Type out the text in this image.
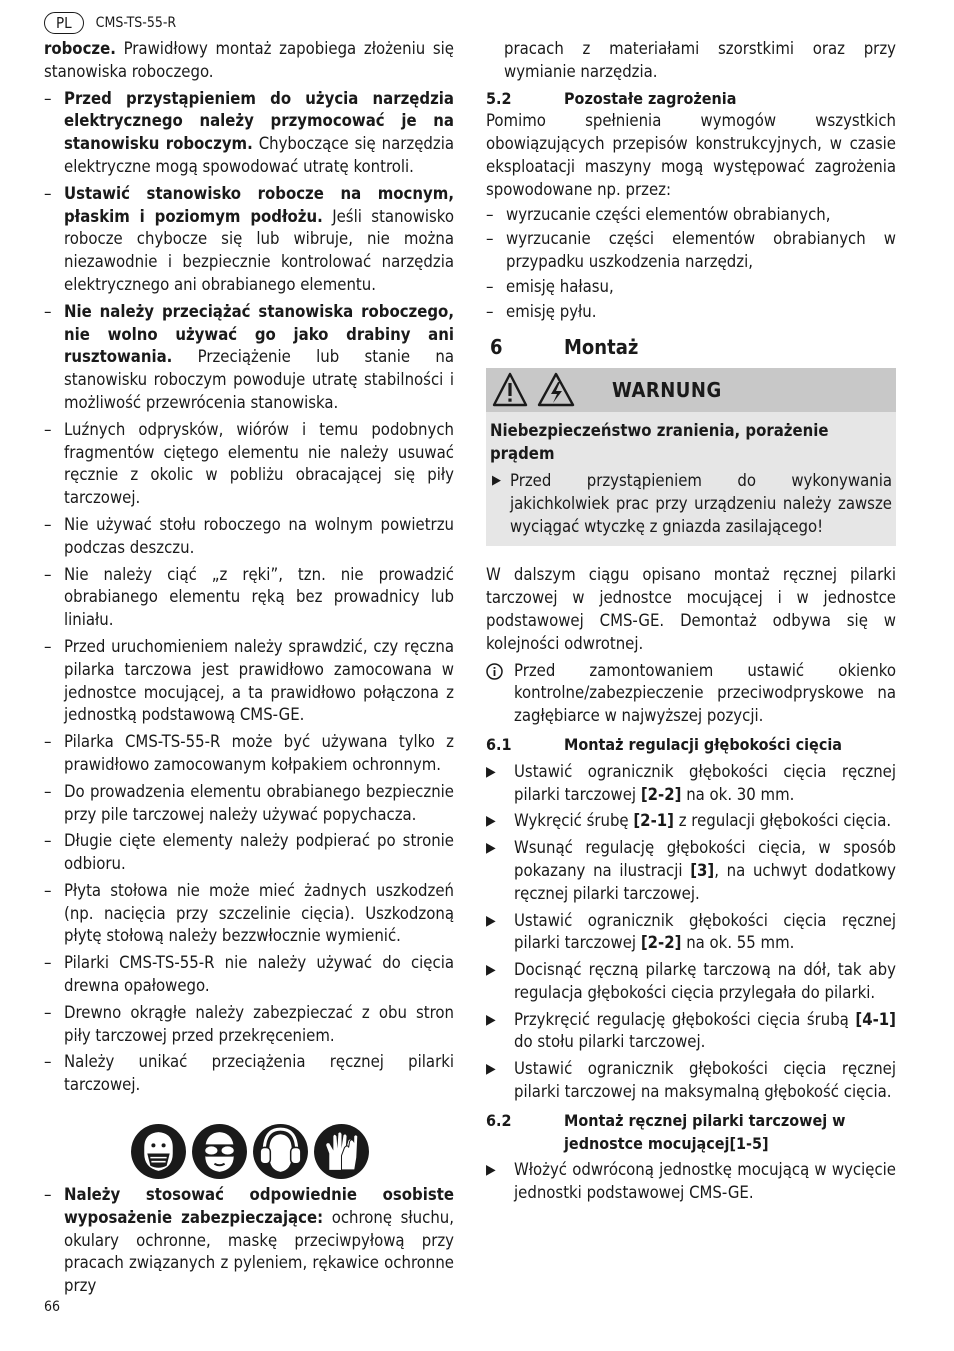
PL	CMS-TS-55-R

robocze. Prawidłowy montaż zapobiega złożeniu się stanowiska roboczego.

– Przed przystąpieniem do użycia narzędzia elektrycznego należy przymocować je na stanowisku roboczym. Chyboczące się narzędzia elektryczne mogą spowodować utratę kontroli.
– Ustawić stanowisko robocze na mocnym, płaskim i poziomym podłożu. Jeśli stanowisko robocze chybocze się lub wibruje, nie można niezawodnie i bezpiecznie kontrolować narzędzia elektrycznego ani obrabianego elementu.
– Nie należy przeciążać stanowiska roboczego, nie wolno używać go jako drabiny ani rusztowania. Przeciążenie lub stanie na stanowisku roboczym powoduje utratę stabilności i możliwość przewrócenia stanowiska.
– Luźnych odprysków, wiórów i temu podobnych fragmentów ciętego elementu nie należy usuwać ręcznie z okolic w pobliżu obracającej się piły tarczowej.
– Nie używać stołu roboczego na wolnym powietrzu podczas deszczu.
– Nie należy ciąć „z ręki”, tzn. nie prowadzić obrabianego elementu ręką bez prowadnicy lub liniału.
– Przed uruchomieniem należy sprawdzić, czy ręczna pilarka tarczowa jest prawidłowo zamocowana w jednostce mocującej, a ta prawidłowo połączona z jednostką podstawową CMS-GE.
– Pilarka CMS-TS-55-R może być używana tylko z prawidłowo zamocowanym kołpakiem ochronnym.
– Do prowadzenia elementu obrabianego bezpiecznie przy pile tarczowej należy używać popychacza.
– Długie cięte elementy należy podpierać po stronie odbioru.
– Płyta stołowa nie może mieć żadnych uszkodzeń (np. nacięcia przy szczelinie cięcia). Uszkodzoną płytę stołową należy bezzwłocznie wymienić.
– Pilarki CMS-TS-55-R nie należy używać do cięcia drewna opałowego.
– Drewno okrągłe należy zabezpieczać z obu stron piły tarczowej przed przekręceniem.
– Należy unikać przeciążenia ręcznej pilarki tarczowej.
– Należy stosować odpowiednie osobiste wyposażenie zabezpieczające: ochronę słuchu, okulary ochronne, maskę przeciwpyłową przy pracach związanych z pyleniem, rękawice ochronne przy
pracach z materiałami szorstkimi oraz przy wymianie narzędzia.
5.2	Pozostałe zagrożenia

Pomimo spełnienia wymogów wszystkich obowiązujących przepisów konstrukcyjnych, w czasie eksploatacji maszyny mogą występować zagrożenia spowodowane np. przez:

– wyrzucanie części elementów obrabianych,
– wyrzucanie części elementów obrabianych w przypadku uszkodzenia narzędzi,
– emisję hałasu,
– emisję pyłu.
6	Montaż
WARNUNG
Niebezpieczeństwo zranienia, porażenie prądem
▶ Przed przystąpieniem do wykonywania jakichkolwiek prac przy urządzeniu należy zawsze wyciągać wtyczkę z gniazda zasilającego!

W dalszym ciągu opisano montaż ręcznej pilarki tarczowej w jednostce mocującej i w jednostce podstawowej CMS-GE. Demontaż odbywa się w kolejności odwrotnej.

Przed zamontowaniem ustawić okienko kontrolne/zabezpieczenie przeciwodpryskowe na zagłębiarce w najwyższej pozycji.
6.1	Montaż regulacji głębokości cięcia
▶ Ustawić ogranicznik głębokości cięcia ręcznej pilarki tarczowej [2-2] na ok. 30 mm.
▶ Wykręcić śrubę [2-1] z regulacji głębokości cięcia.
▶ Wsunąć regulację głębokości cięcia, w sposób pokazany na ilustracji [3], na uchwyt dodatkowy ręcznej pilarki tarczowej.
▶ Ustawić ogranicznik głębokości cięcia ręcznej pilarki tarczowej [2-2] na ok. 55 mm.
▶ Docisnąć ręczną pilarkę tarczową na dół, tak aby regulacja głębokości cięcia przylegała do pilarki.
▶ Przykręcić regulację głębokości cięcia śrubą [4-1] do stołu pilarki tarczowej.
▶ Ustawić ogranicznik głębokości cięcia ręcznej pilarki tarczowej na maksymalną głębokość cięcia.
6.2	Montaż ręcznej pilarki tarczowej w jednostce mocującej[1-5]
▶ Włożyć odwróconą jednostkę mocującą w wycięcie jednostki podstawowej CMS-GE.
66
